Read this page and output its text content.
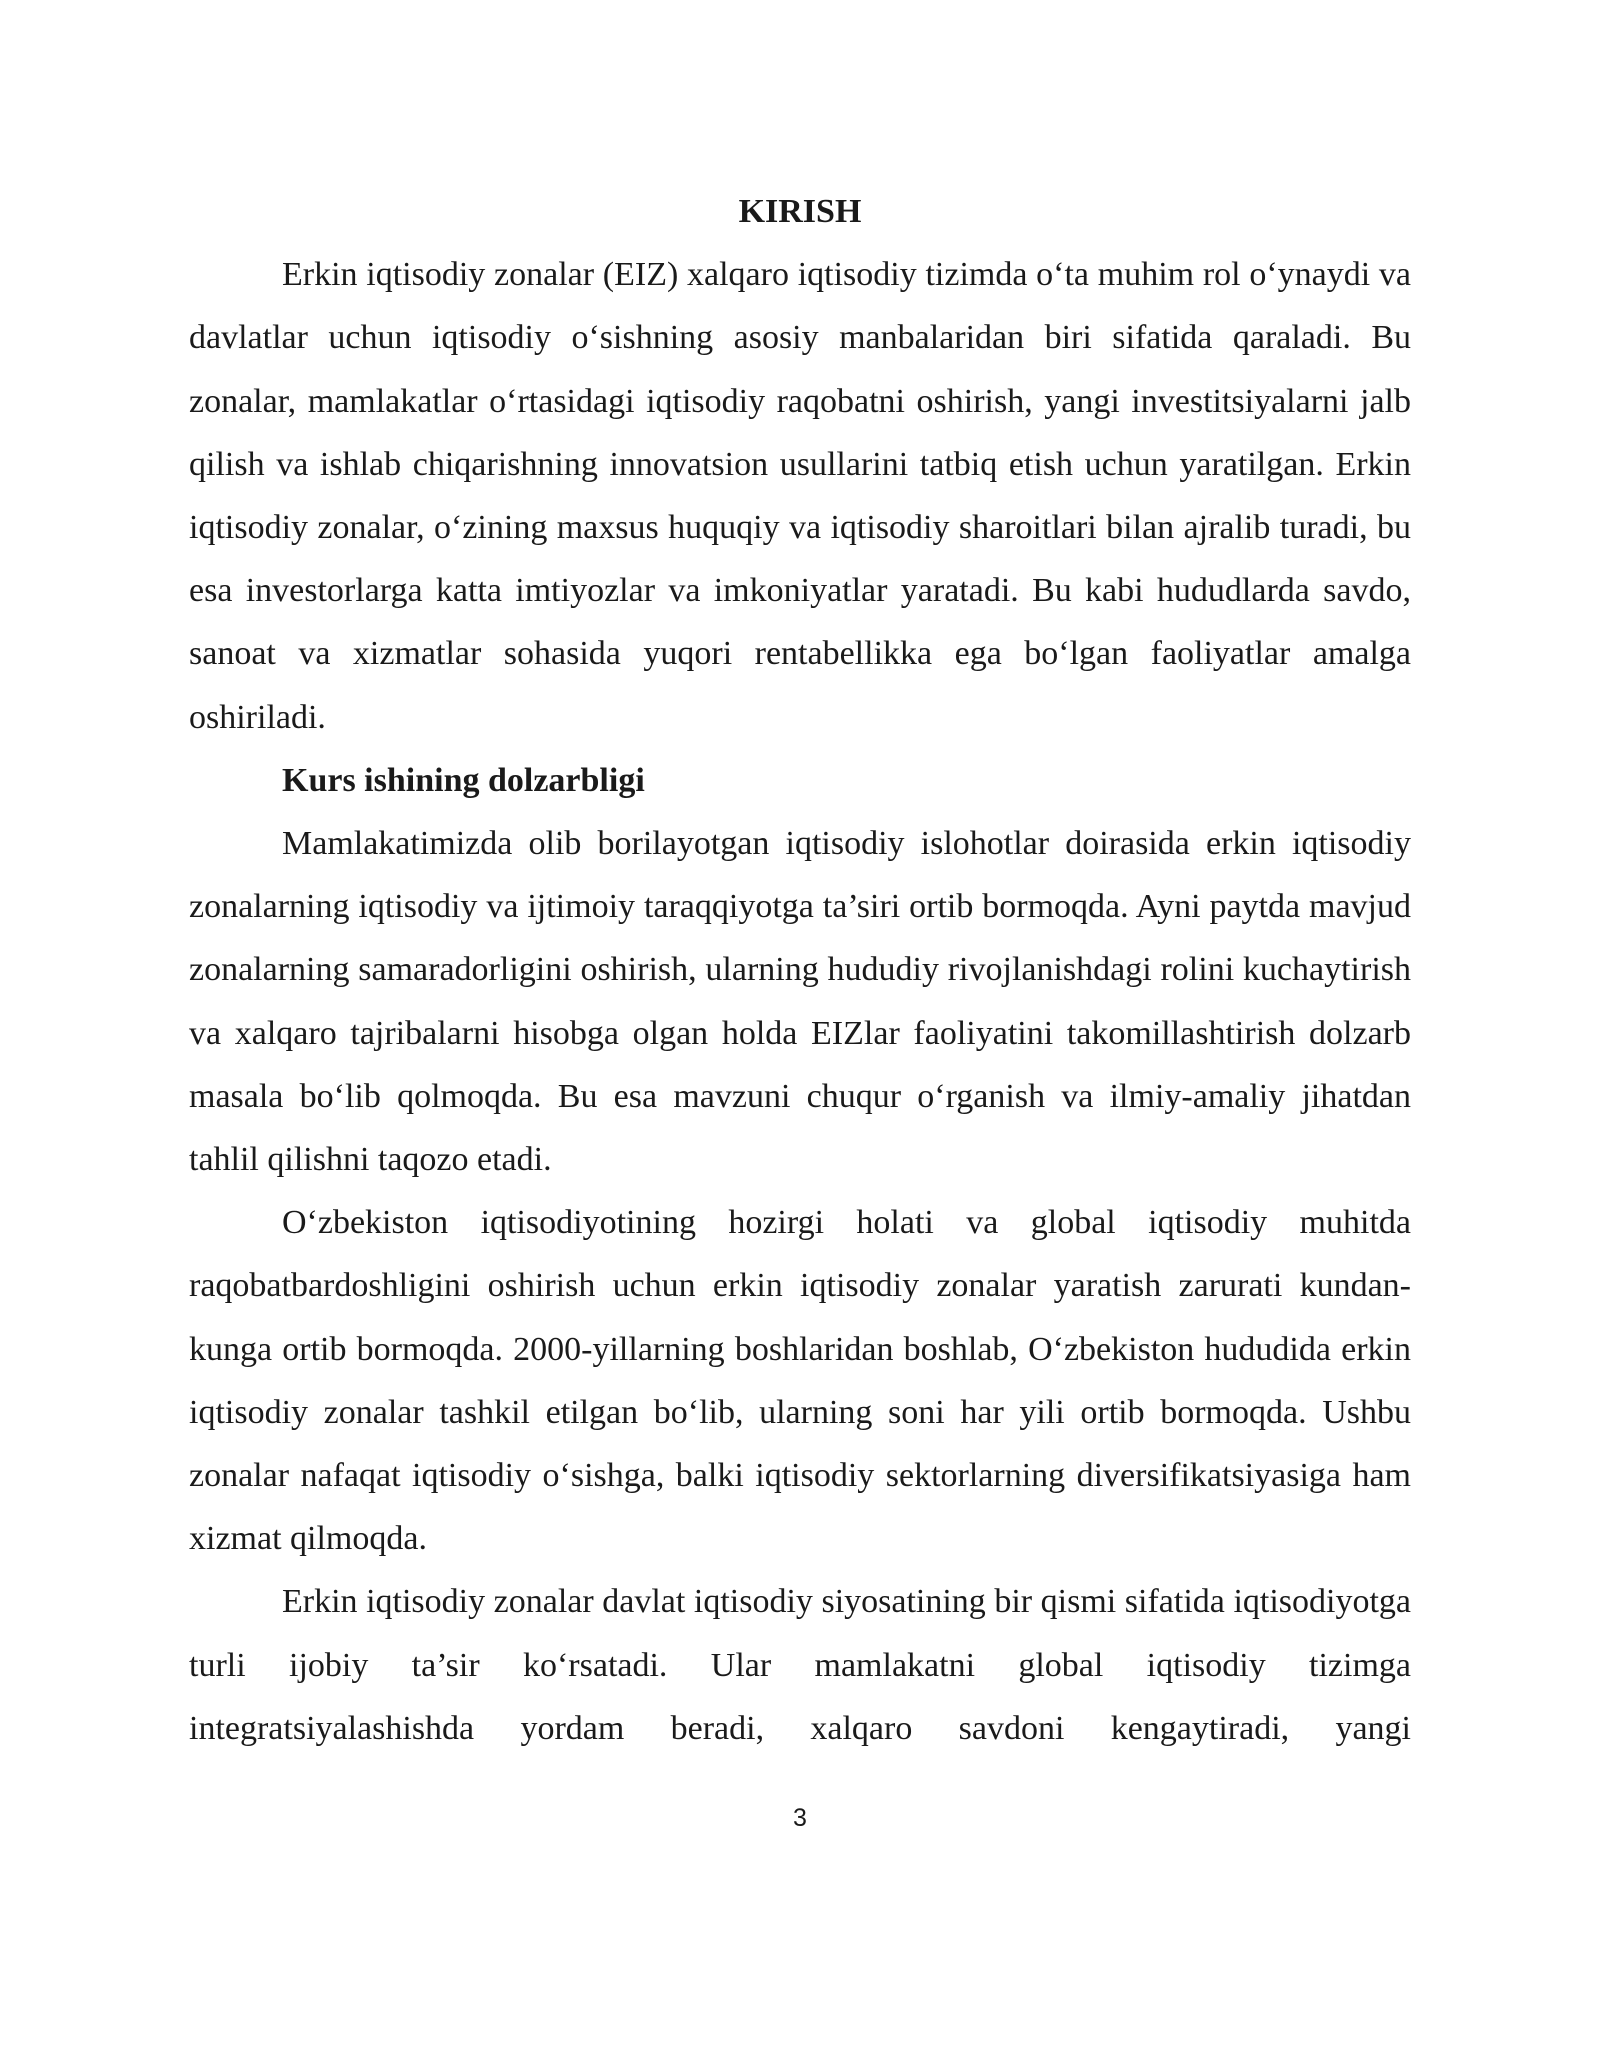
KIRISH

Erkin iqtisodiy zonalar (EIZ) xalqaro iqtisodiy tizimda o‘ta muhim rol o‘ynaydi va davlatlar uchun iqtisodiy o‘sishning asosiy manbalaridan biri sifatida qaraladi. Bu zonalar, mamlakatlar o‘rtasidagi iqtisodiy raqobatni oshirish, yangi investitsiyalarni jalb qilish va ishlab chiqarishning innovatsion usullarini tatbiq etish uchun yaratilgan. Erkin iqtisodiy zonalar, o‘zining maxsus huquqiy va iqtisodiy sharoitlari bilan ajralib turadi, bu esa investorlarga katta imtiyozlar va imkoniyatlar yaratadi. Bu kabi hududlarda savdo, sanoat va xizmatlar sohasida yuqori rentabellikka ega bo‘lgan faoliyatlar amalga oshiriladi.

Kurs ishining dolzarbligi

Mamlakatimizda olib borilayotgan iqtisodiy islohotlar doirasida erkin iqtisodiy zonalarning iqtisodiy va ijtimoiy taraqqiyotga ta’siri ortib bormoqda. Ayni paytda mavjud zonalarning samaradorligini oshirish, ularning hududiy rivojlanishdagi rolini kuchaytirish va xalqaro tajribalarni hisobga olgan holda EIZlar faoliyatini takomillashtirish dolzarb masala bo‘lib qolmoqda. Bu esa mavzuni chuqur o‘rganish va ilmiy-amaliy jihatdan tahlil qilishni taqozo etadi.

O‘zbekiston iqtisodiyotining hozirgi holati va global iqtisodiy muhitda raqobatbardoshligini oshirish uchun erkin iqtisodiy zonalar yaratish zarurati kundan-kunga ortib bormoqda. 2000-yillarning boshlaridan boshlab, O‘zbekiston hududida erkin iqtisodiy zonalar tashkil etilgan bo‘lib, ularning soni har yili ortib bormoqda. Ushbu zonalar nafaqat iqtisodiy o‘sishga, balki iqtisodiy sektorlarning diversifikatsiyasiga ham xizmat qilmoqda.

Erkin iqtisodiy zonalar davlat iqtisodiy siyosatining bir qismi sifatida iqtisodiyotga turli ijobiy ta’sir ko‘rsatadi. Ular mamlakatni global iqtisodiy tizimga integratsiyalashishda yordam beradi, xalqaro savdoni kengaytiradi, yangi

3
